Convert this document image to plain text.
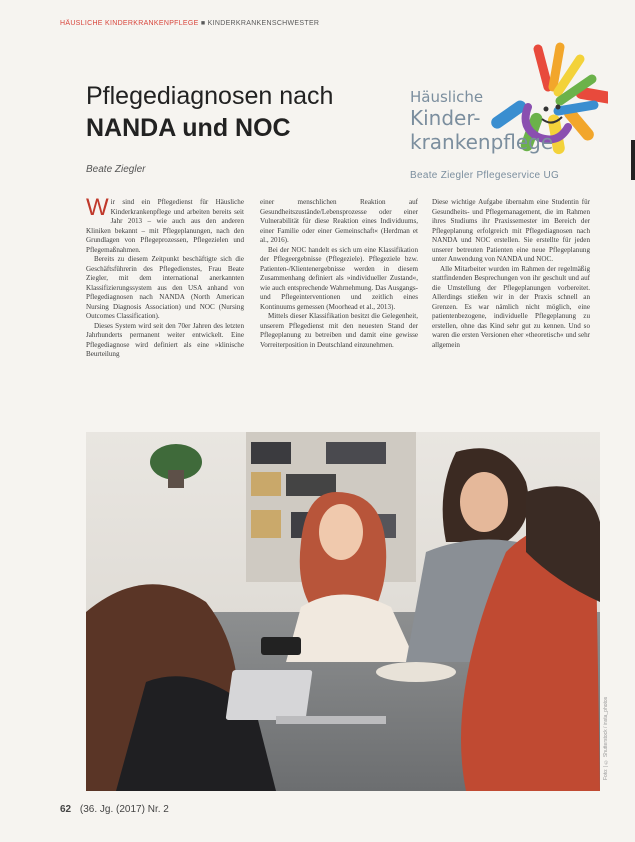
HÄUSLICHE KINDERKRANKENPFLEGE ■ KINDERKRANKENSCHWESTER
Pflegediagnosen nach
NANDA und NOC
Beate Ziegler
Häusliche
Kinder-
krankenpflege
Beate Ziegler Pflegeservice UG
W ir sind ein Pflegedienst für Häusliche Kinderkrankenpflege und arbeiten bereits seit Jahr 2013 – wie auch aus den anderen Kliniken bekannt – mit Pflegeplanungen, nach den Grundlagen von Pflegeprozessen, Pflegezielen und Pflegemaßnahmen.

Bereits zu diesem Zeitpunkt beschäftigte sich die Geschäftsführerin des Pflegedienstes, Frau Beate Ziegler, mit dem international anerkannten Klassifizierungssystem aus den USA anhand von Pflegediagnosen nach NANDA (North American Nursing Diagnosis Association) und NOC (Nursing Outcomes Classification).

Dieses System wird seit den 70er Jahren des letzten Jahrhunderts permanent weiter entwickelt. Eine Pflegediagnose wird definiert als eine »klinische Beurteilung

einer menschlichen Reaktion auf Gesundheitszustände/Lebensprozesse oder einer Vulnerabilität für diese Reaktion eines Individuums, einer Familie oder einer Gemeinschaft« (Herdman et al., 2016).

Bei der NOC handelt es sich um eine Klassifikation der Pflegeergebnisse (Pflegeziele). Pflegeziele bzw. Patienten-/Klientenergebnisse werden in diesem Zusammenhang definiert als »individueller Zustand«, wie auch entsprechende Wahrnehmung. Das Ausgangs- und Pflegeinterventionen und zeitlich eines Kontinuums gemessen (Moorhead et al., 2013).

Mittels dieser Klassifikation besitzt die Gelegenheit, unserem Pflegedienst mit den neuesten Stand der Pflegeplanung zu betreiben und damit eine gewisse Vorreiterposition in Deutschland einzunehmen.

Diese wichtige Aufgabe übernahm eine Studentin für Gesundheits- und Pflegemanagement, die im Rahmen ihres Studiums ihr Praxissemester im Bereich der Pflegeplanung erfolgreich mit Pflegediagnosen nach NANDA und NOC erstellen. Sie erstellte für jeden unserer betreuten Patienten eine neue Pflegeplanung unter Anwendung von NANDA und NOC.

Alle Mitarbeiter wurden im Rahmen der regelmäßig stattfindenden Besprechungen von ihr geschult und auf die Umstellung der Pflegeplanungen vorbereitet. Allerdings stießen wir in der Praxis schnell an Grenzen. Es war nämlich nicht möglich, eine patientenbezogene, individuelle Pflegeplanung zu erstellen, ohne das Kind sehr gut zu kennen. Und so waren die ersten Versionen eher »theoretisch« und sehr allgemein

Foto: | © Shutterstock / insta_photos
62 (36. Jg. (2017) Nr. 2
